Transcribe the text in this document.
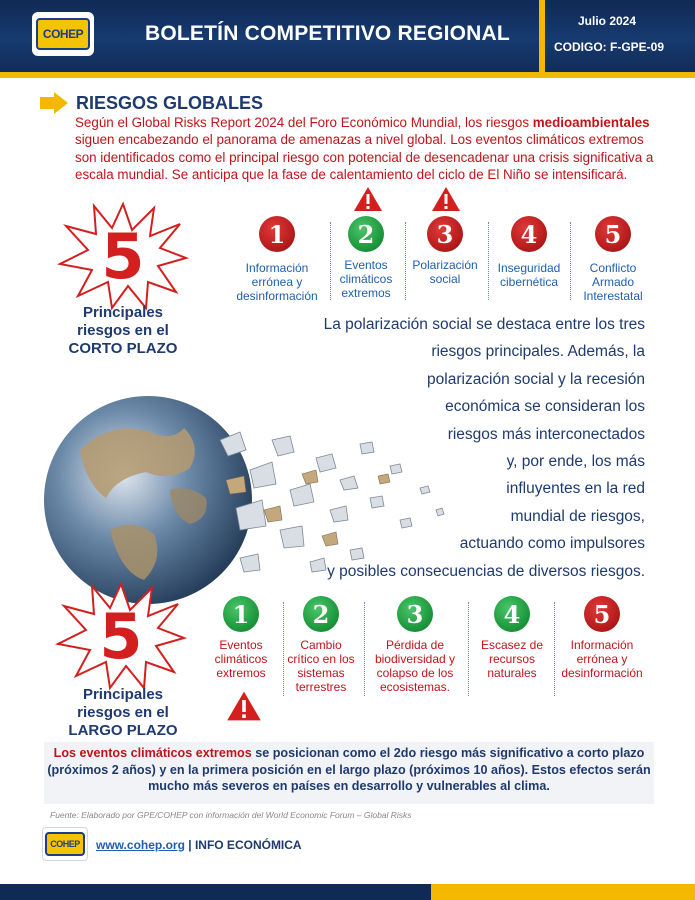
COHEP	BOLETÍN COMPETITIVO REGIONAL
Julio 2024
CODIGO: F-GPE-09
RIESGOS GLOBALES
Según el Global Risks Report 2024 del Foro Económico Mundial, los riesgos medioambientales siguen encabezando el panorama de amenazas a nivel global. Los eventos climáticos extremos son identificados como el principal riesgo con potencial de desencadenar una crisis significativa a escala mundial. Se anticipa que la fase de calentamiento del ciclo de El Niño se intensificará.
5
Principales
riesgos en el
CORTO PLAZO
1
Información errónea y desinformación
2
Eventos climáticos extremos
3
Polarización social
4
Inseguridad cibernética
5
Conflicto Armado Interestatal
La polarización social se destaca entre los tres
riesgos principales. Además, la
polarización social y la recesión
económica se consideran los
riesgos más interconectados
y, por ende, los más
influyentes en la red
mundial de riesgos,
actuando como impulsores
y posibles consecuencias de diversos riesgos.
5
Principales
riesgos en el
LARGO PLAZO
1
Eventos climáticos extremos
2
Cambio crítico en los sistemas terrestres
3
Pérdida de biodiversidad y colapso de los ecosistemas.
4
Escasez de recursos naturales
5
Información errónea y desinformación
Los eventos climáticos extremos se posicionan como el 2do riesgo más significativo a corto plazo (próximos 2 años) y en la primera posición en el largo plazo (próximos 10 años). Estos efectos serán mucho más severos en países en desarrollo y vulnerables al clima.
Fuente: Elaborado por GPE/COHEP con información del World Economic Forum – Global Risks
COHEP	www.cohep.org | INFO ECONÓMICA
